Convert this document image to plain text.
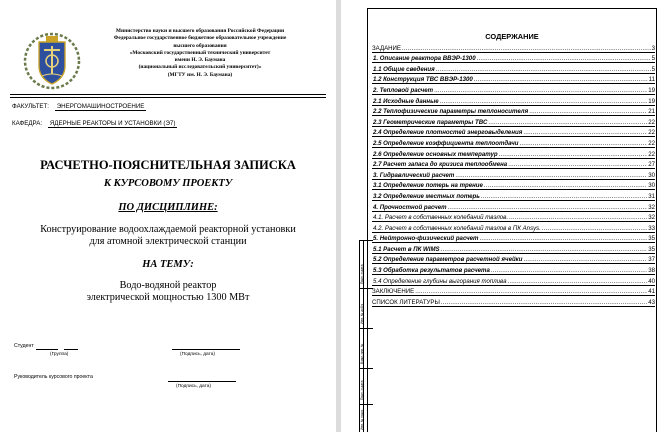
Министерство науки и высшего образования Российской Федерации
Федеральное государственное бюджетное образовательное учреждение
высшего образования
«Московский государственный технический университет
имени Н. Э. Баумана
(национальный исследовательский университет)»
(МГТУ им. Н. Э. Баумана)
ФАКУЛЬТЕТ: ЭНЕРГОМАШИНОСТРОЕНИЕ
КАФЕДРА: ЯДЕРНЫЕ РЕАКТОРЫ И УСТАНОВКИ (Э7)
РАСЧЕТНО-ПОЯСНИТЕЛЬНАЯ ЗАПИСКА
К КУРСОВОМУ ПРОЕКТУ
ПО ДИСЦИПЛИНЕ:
Конструирование водоохлаждаемой реакторной установки
для атомной электрической станции
НА ТЕМУ:
Водо-водяной реактор
электрической мощностью 1300 МВт
Студент
(Группа)	(Подпись, дата)
Руководитель курсового проекта
(Подпись, дата)
Подп. и дата
Инв. № дубл.
Взам. инв. №
Подп. и дата
Инв. № подл.
СОДЕРЖАНИЕ
ЗАДАНИЕ .....	3
1. Описание реактора ВВЭР-1300 .....	5
1.1 Общие сведения .....	5
1.2 Конструкция ТВС ВВЭР-1300 .....	11
2. Тепловой расчет .....	19
2.1 Исходные данные .....	19
2.2 Теплофизические параметры теплоносителя .....	21
2.3 Геометрические параметры ТВС .....	22
2.4 Определение плотностей энерговыделения .....	22
2.5 Определение коэффициента теплоотдачи .....	22
2.6 Определение основных температур .....	22
2.7 Расчет запаса до кризиса теплообмена .....	27
3. Гидравлический расчет .....	30
3.1 Определение потерь на трение .....	30
3.2 Определение местных потерь .....	31
4. Прочностной расчет .....	32
4.1. Расчет в собственных колебаний твэлов. .....	32
4.2. Расчет в собственных колебаний твэлов в ПК Ansys. .....	33
5. Нейтронно-физический расчет .....	35
5.1 Расчет в ПК WIMS .....	35
5.2 Определение параметров расчетной ячейки .....	37
5.3 Обработка результатов расчета .....	38
5.4 Определение глубины выгорания топлива .....	40
ЗАКЛЮЧЕНИЕ .....	41
СПИСОК ЛИТЕРАТУРЫ .....	43
